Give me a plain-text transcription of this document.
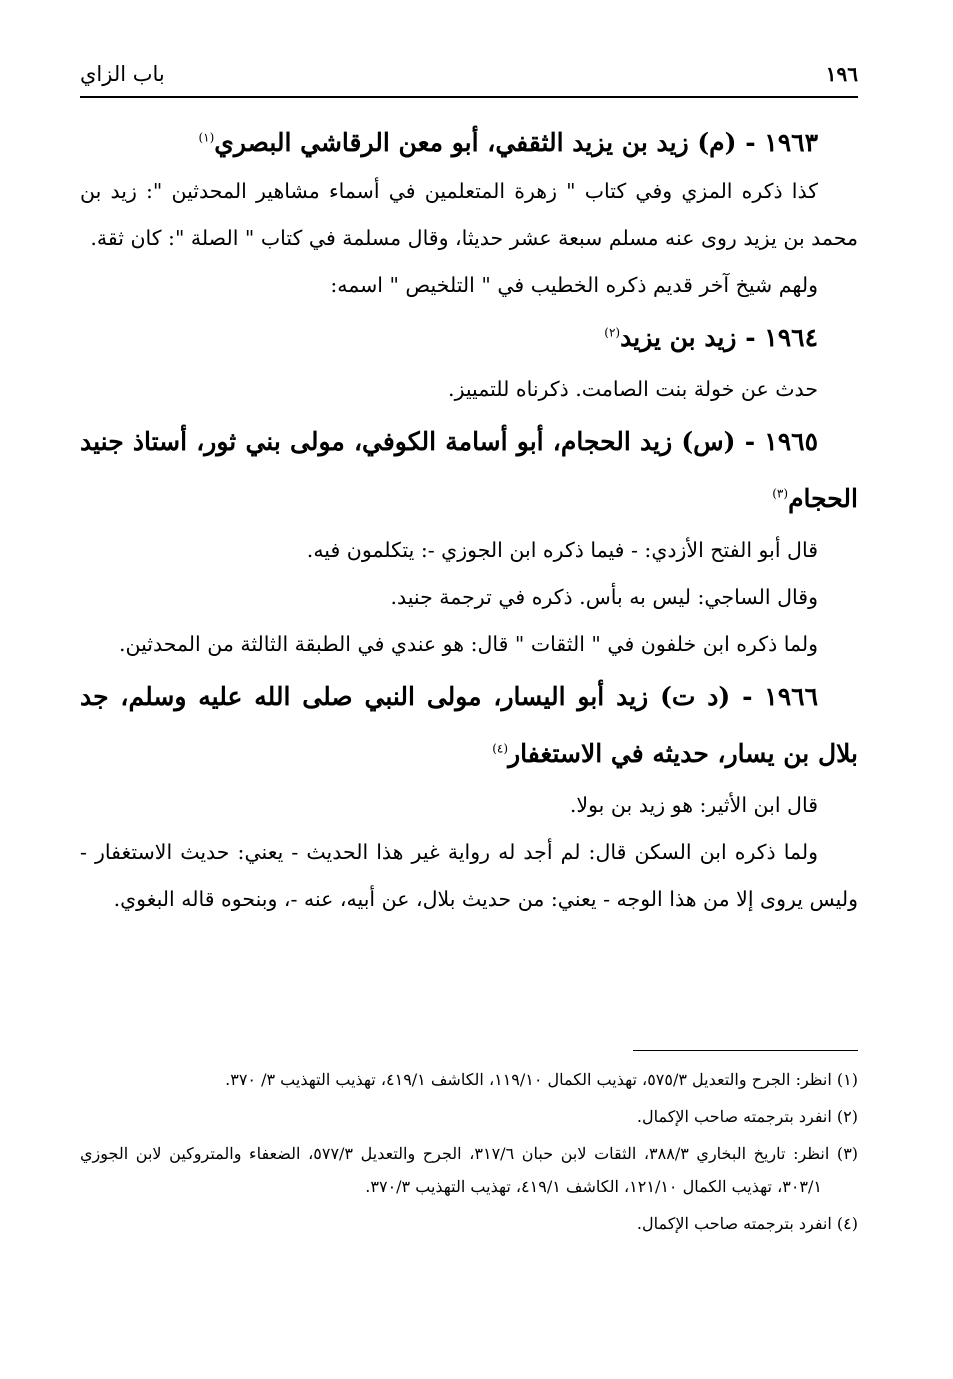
١٩٦
باب الزاي

١٩٦٣ - (م) زيد بن يزيد الثقفي، أبو معن الرقاشي البصري$^{(١)}$

كذا ذكره المزي وفي كتاب " زهرة المتعلمين في أسماء مشاهير المحدثين ": زيد بن محمد بن يزيد روى عنه مسلم سبعة عشر حديثا، وقال مسلمة في كتاب " الصلة ": كان ثقة.

ولهم شيخ آخر قديم ذكره الخطيب في " التلخيص " اسمه:

١٩٦٤ - زيد بن يزيد$^{(٢)}$

حدث عن خولة بنت الصامت. ذكرناه للتمييز.

١٩٦٥ - (س) زيد الحجام، أبو أسامة الكوفي، مولى بني ثور، أستاذ جنيد الحجام$^{(٣)}$

قال أبو الفتح الأزدي: - فيما ذكره ابن الجوزي -: يتكلمون فيه.

وقال الساجي: ليس به بأس. ذكره في ترجمة جنيد.

ولما ذكره ابن خلفون في " الثقات " قال: هو عندي في الطبقة الثالثة من المحدثين.

١٩٦٦ - (د ت) زيد أبو اليسار، مولى النبي صلى الله عليه وسلم، جد بلال بن يسار، حديثه في الاستغفار$^{(٤)}$

قال ابن الأثير: هو زيد بن بولا.

ولما ذكره ابن السكن قال: لم أجد له رواية غير هذا الحديث - يعني: حديث الاستغفار - وليس يروى إلا من هذا الوجه - يعني: من حديث بلال، عن أبيه، عنه -، وبنحوه قاله البغوي.

(١) انظر: الجرح والتعديل ٥٧٥/٣، تهذيب الكمال ١١٩/١٠، الكاشف ٤١٩/١، تهذيب التهذيب ٣/ ٣٧٠.

(٢) انفرد بترجمته صاحب الإكمال.

(٣) انظر: تاريخ البخاري ٣٨٨/٣، الثقات لابن حبان ٣١٧/٦، الجرح والتعديل ٥٧٧/٣، الضعفاء والمتروكين لابن الجوزي ٣٠٣/١، تهذيب الكمال ١٢١/١٠، الكاشف ٤١٩/١، تهذيب التهذيب ٣٧٠/٣.

(٤) انفرد بترجمته صاحب الإكمال.
